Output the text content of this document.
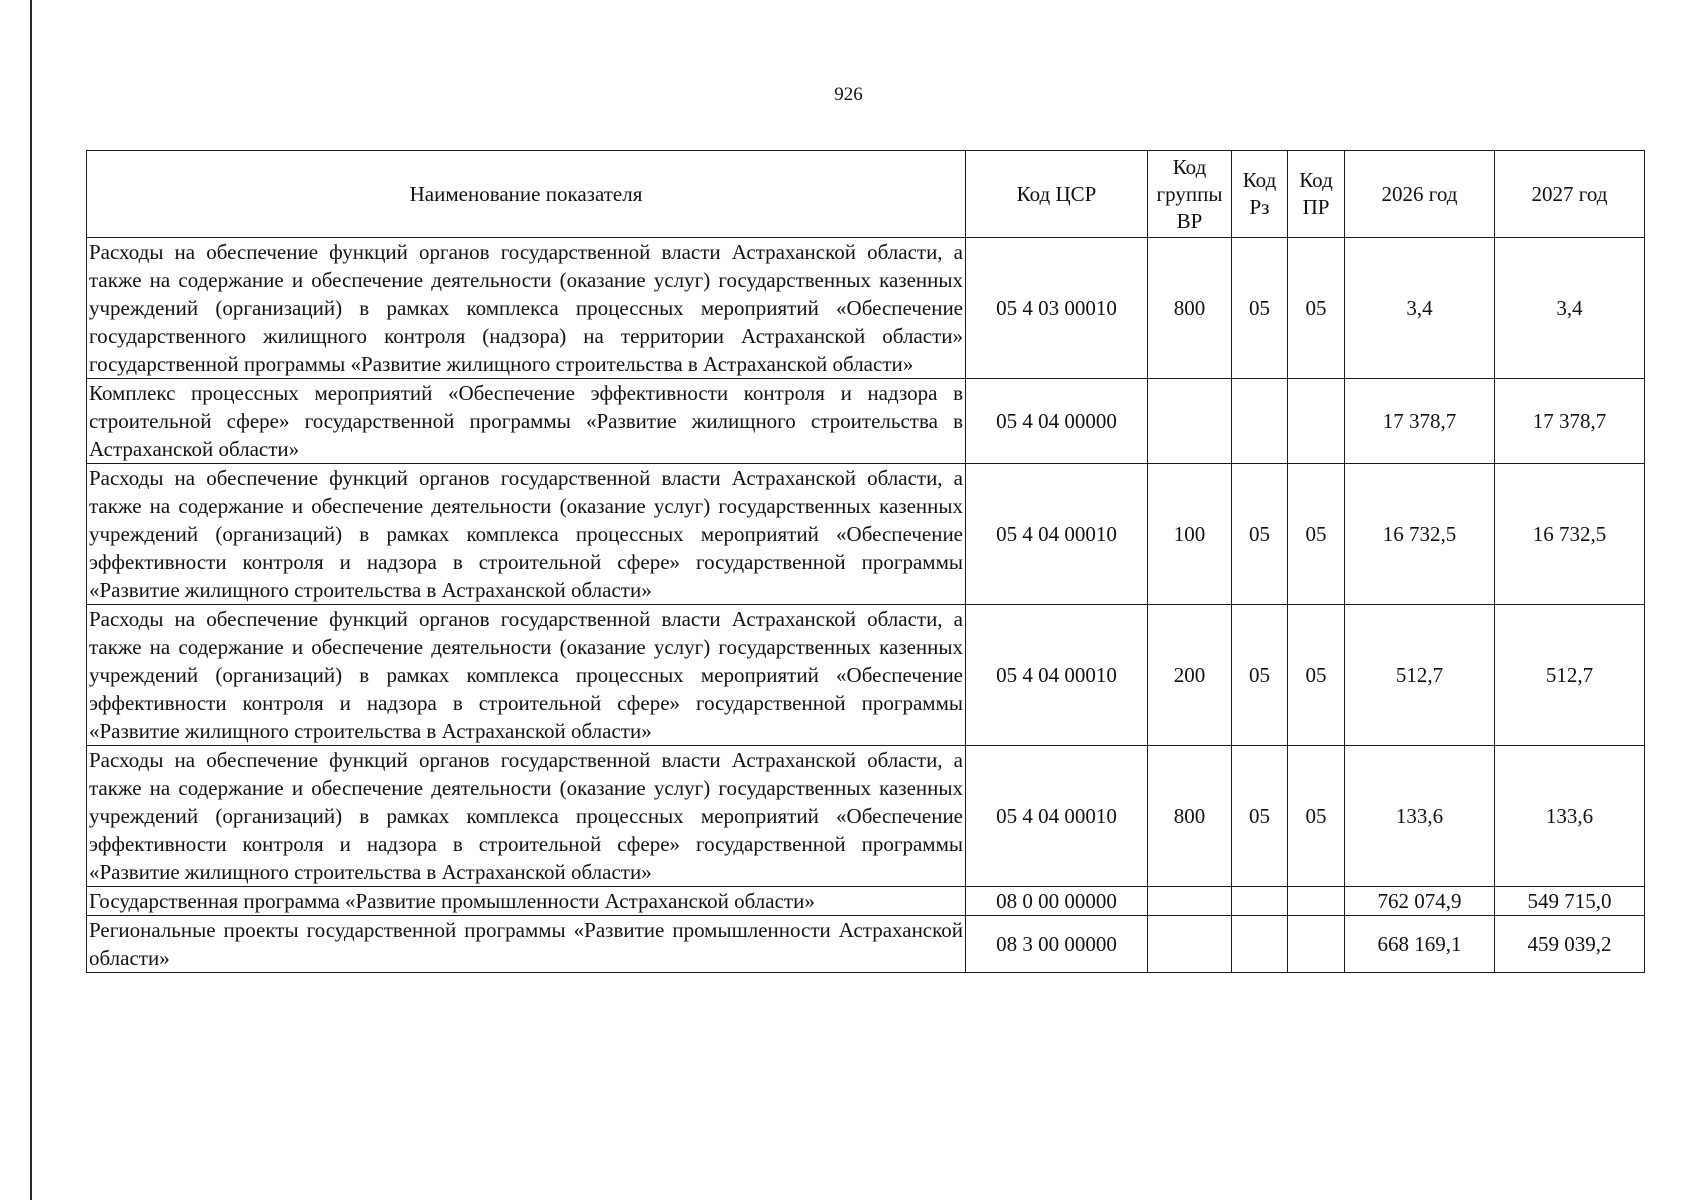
926
Наименование показателя	Код ЦСР	Код группы ВР	Код Рз	Код ПР	2026 год	2027 год
Расходы на обеспечение функций органов государственной власти Астраханской области, а также на содержание и обеспечение деятельности (оказание услуг) государственных казенных учреждений (организаций) в рамках комплекса процессных мероприятий «Обеспечение государственного жилищного контроля (надзора) на территории Астраханской области» государственной программы «Развитие жилищного строительства в Астраханской области»	05 4 03 00010	800	05	05	3,4	3,4
Комплекс процессных мероприятий «Обеспечение эффективности контроля и надзора в строительной сфере» государственной программы «Развитие жилищного строительства в Астраханской области»	05 4 04 00000				17 378,7	17 378,7
Расходы на обеспечение функций органов государственной власти Астраханской области, а также на содержание и обеспечение деятельности (оказание услуг) государственных казенных учреждений (организаций) в рамках комплекса процессных мероприятий «Обеспечение эффективности контроля и надзора в строительной сфере» государственной программы «Развитие жилищного строительства в Астраханской области»	05 4 04 00010	100	05	05	16 732,5	16 732,5
Расходы на обеспечение функций органов государственной власти Астраханской области, а также на содержание и обеспечение деятельности (оказание услуг) государственных казенных учреждений (организаций) в рамках комплекса процессных мероприятий «Обеспечение эффективности контроля и надзора в строительной сфере» государственной программы «Развитие жилищного строительства в Астраханской области»	05 4 04 00010	200	05	05	512,7	512,7
Расходы на обеспечение функций органов государственной власти Астраханской области, а также на содержание и обеспечение деятельности (оказание услуг) государственных казенных учреждений (организаций) в рамках комплекса процессных мероприятий «Обеспечение эффективности контроля и надзора в строительной сфере» государственной программы «Развитие жилищного строительства в Астраханской области»	05 4 04 00010	800	05	05	133,6	133,6
Государственная программа «Развитие промышленности Астраханской области»	08 0 00 00000				762 074,9	549 715,0
Региональные проекты государственной программы «Развитие промышленности Астраханской области»	08 3 00 00000				668 169,1	459 039,2
